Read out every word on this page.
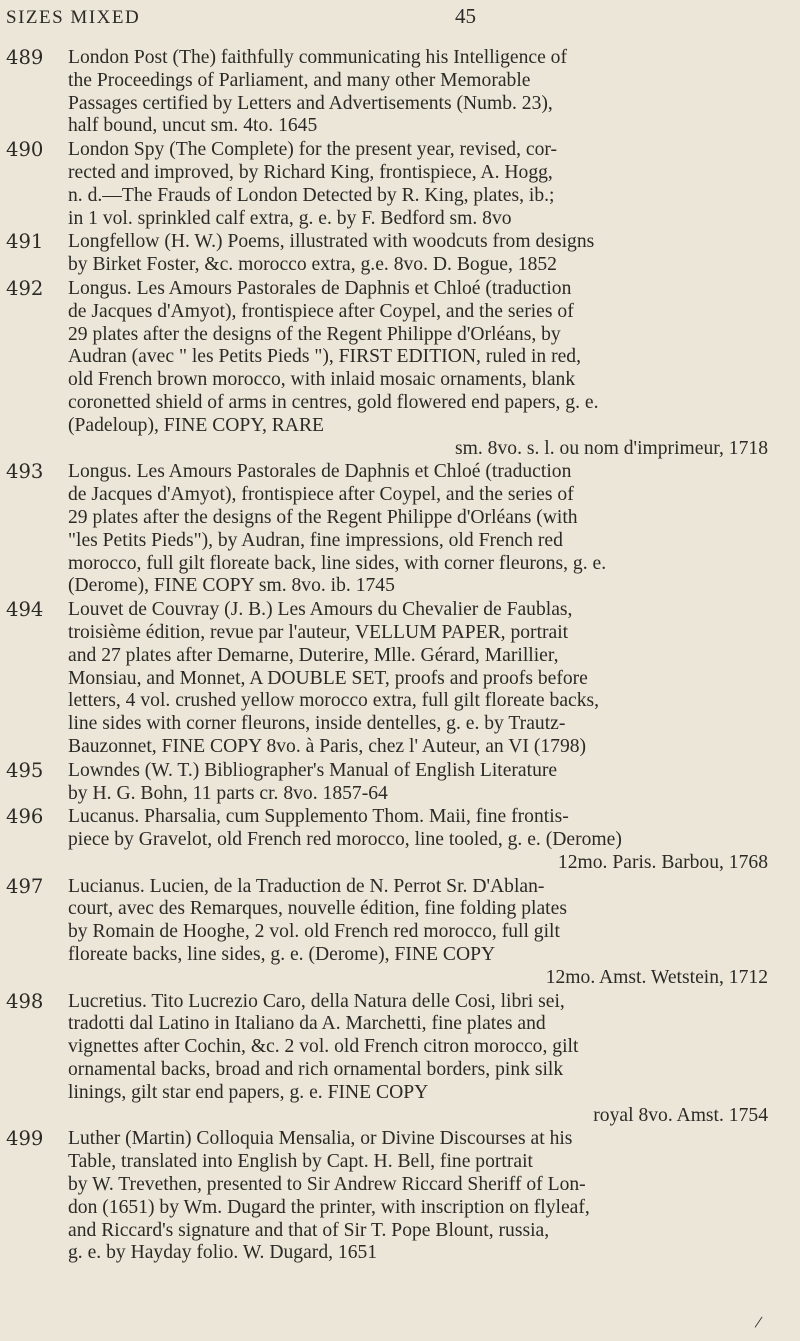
SIZES MIXED	45
489	London Post (The) faithfully communicating his Intelligence of
the Proceedings of Parliament, and many other Memorable
Passages certified by Letters and Advertisements (Numb. 23),
half bound, uncut sm. 4to. 1645
490	London Spy (The Complete) for the present year, revised, cor-
rected and improved, by Richard King, frontispiece, A. Hogg,
n. d.—The Frauds of London Detected by R. King, plates, ib.;
in 1 vol. sprinkled calf extra, g. e. by F. Bedford sm. 8vo
491	Longfellow (H. W.) Poems, illustrated with woodcuts from designs
by Birket Foster, &c. morocco extra, g.e. 8vo. D. Bogue, 1852
492	Longus. Les Amours Pastorales de Daphnis et Chloé (traduction
de Jacques d'Amyot), frontispiece after Coypel, and the series of
29 plates after the designs of the Regent Philippe d'Orléans, by
Audran (avec " les Petits Pieds "), FIRST EDITION, ruled in red,
old French brown morocco, with inlaid mosaic ornaments, blank
coronetted shield of arms in centres, gold flowered end papers, g. e.
(Padeloup), FINE COPY, RARE
sm. 8vo. s. l. ou nom d'imprimeur, 1718
493	Longus. Les Amours Pastorales de Daphnis et Chloé (traduction
de Jacques d'Amyot), frontispiece after Coypel, and the series of
29 plates after the designs of the Regent Philippe d'Orléans (with
"les Petits Pieds"), by Audran, fine impressions, old French red
morocco, full gilt floreate back, line sides, with corner fleurons, g. e.
(Derome), FINE COPY sm. 8vo. ib. 1745
494	Louvet de Couvray (J. B.) Les Amours du Chevalier de Faublas,
troisième édition, revue par l'auteur, VELLUM PAPER, portrait
and 27 plates after Demarne, Duterire, Mlle. Gérard, Marillier,
Monsiau, and Monnet, A DOUBLE SET, proofs and proofs before
letters, 4 vol. crushed yellow morocco extra, full gilt floreate backs,
line sides with corner fleurons, inside dentelles, g. e. by Trautz-
Bauzonnet, FINE COPY 8vo. à Paris, chez l' Auteur, an VI (1798)
495	Lowndes (W. T.) Bibliographer's Manual of English Literature
by H. G. Bohn, 11 parts cr. 8vo. 1857-64
496	Lucanus. Pharsalia, cum Supplemento Thom. Maii, fine frontis-
piece by Gravelot, old French red morocco, line tooled, g. e. (Derome)
12mo. Paris. Barbou, 1768
497	Lucianus. Lucien, de la Traduction de N. Perrot Sr. D'Ablan-
court, avec des Remarques, nouvelle édition, fine folding plates
by Romain de Hooghe, 2 vol. old French red morocco, full gilt
floreate backs, line sides, g. e. (Derome), FINE COPY
12mo. Amst. Wetstein, 1712
498	Lucretius. Tito Lucrezio Caro, della Natura delle Cosi, libri sei,
tradotti dal Latino in Italiano da A. Marchetti, fine plates and
vignettes after Cochin, &c. 2 vol. old French citron morocco, gilt
ornamental backs, broad and rich ornamental borders, pink silk
linings, gilt star end papers, g. e. FINE COPY
royal 8vo. Amst. 1754
499	Luther (Martin) Colloquia Mensalia, or Divine Discourses at his
Table, translated into English by Capt. H. Bell, fine portrait
by W. Trevethen, presented to Sir Andrew Riccard Sheriff of Lon-
don (1651) by Wm. Dugard the printer, with inscription on flyleaf,
and Riccard's signature and that of Sir T. Pope Blount, russia,
g. e. by Hayday folio. W. Dugard, 1651
/
